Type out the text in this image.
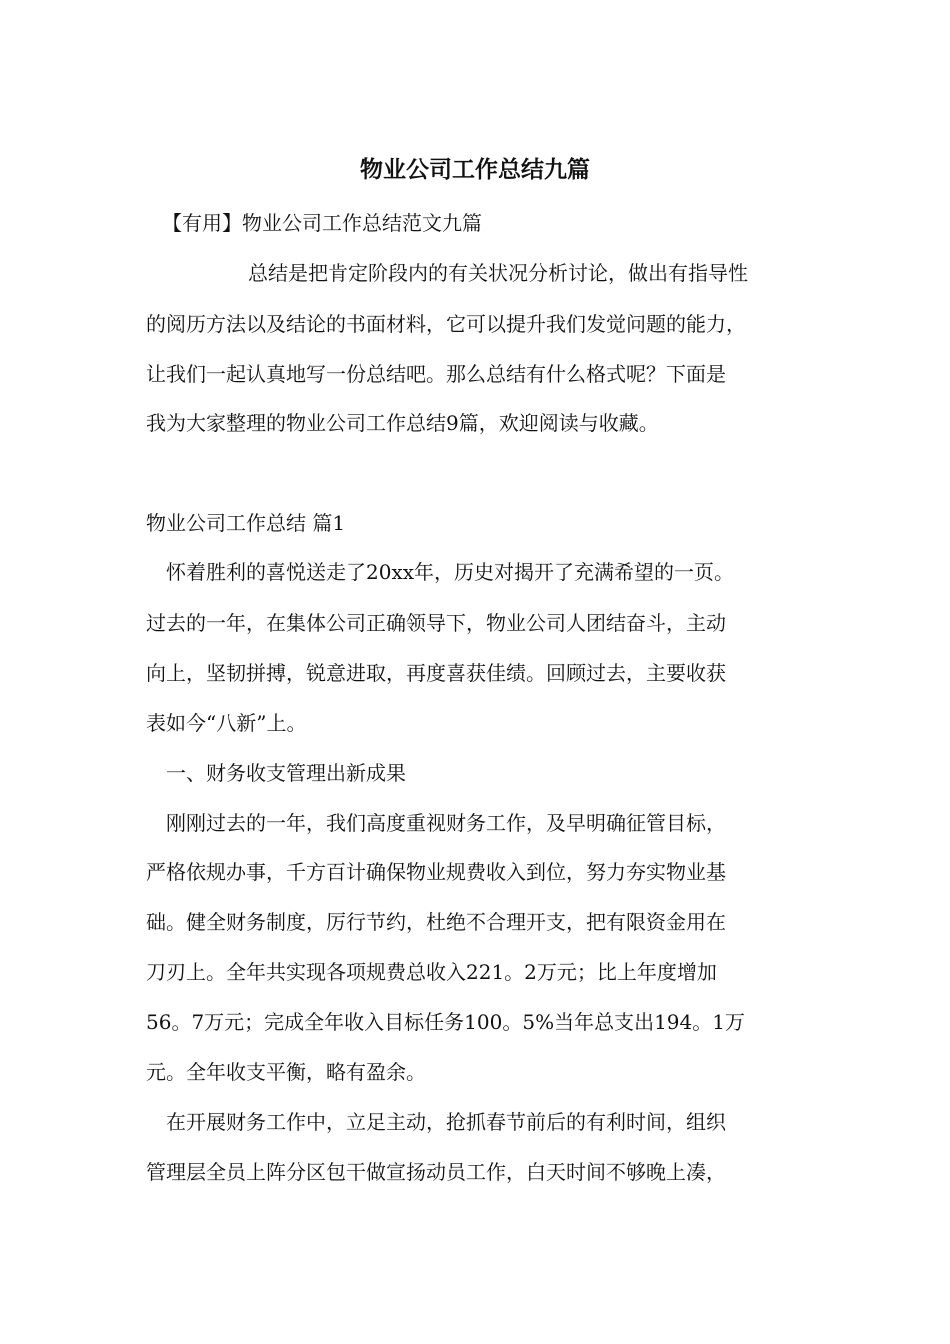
物业公司工作总结九篇

【有用】物业公司工作总结范文九篇

总结是把肯定阶段内的有关状况分析讨论，做出有指导性

的阅历方法以及结论的书面材料，它可以提升我们发觉问题的能力，

让我们一起认真地写一份总结吧。那么总结有什么格式呢？下面是

我为大家整理的物业公司工作总结9篇，欢迎阅读与收藏。

物业公司工作总结 篇1

怀着胜利的喜悦送走了20xx年，历史对揭开了充满希望的一页。

过去的一年，在集体公司正确领导下，物业公司人团结奋斗，主动

向上，坚韧拼搏，锐意进取，再度喜获佳绩。回顾过去，主要收获

表如今“八新”上。

一、财务收支管理出新成果

刚刚过去的一年，我们高度重视财务工作，及早明确征管目标，

严格依规办事，千方百计确保物业规费收入到位，努力夯实物业基

础。健全财务制度，厉行节约，杜绝不合理开支，把有限资金用在

刀刃上。全年共实现各项规费总收入221。2万元；比上年度增加

56。7万元；完成全年收入目标任务100。5%当年总支出194。1万

元。全年收支平衡，略有盈余。

在开展财务工作中，立足主动，抢抓春节前后的有利时间，组织

管理层全员上阵分区包干做宣扬动员工作，白天时间不够晚上凑，
